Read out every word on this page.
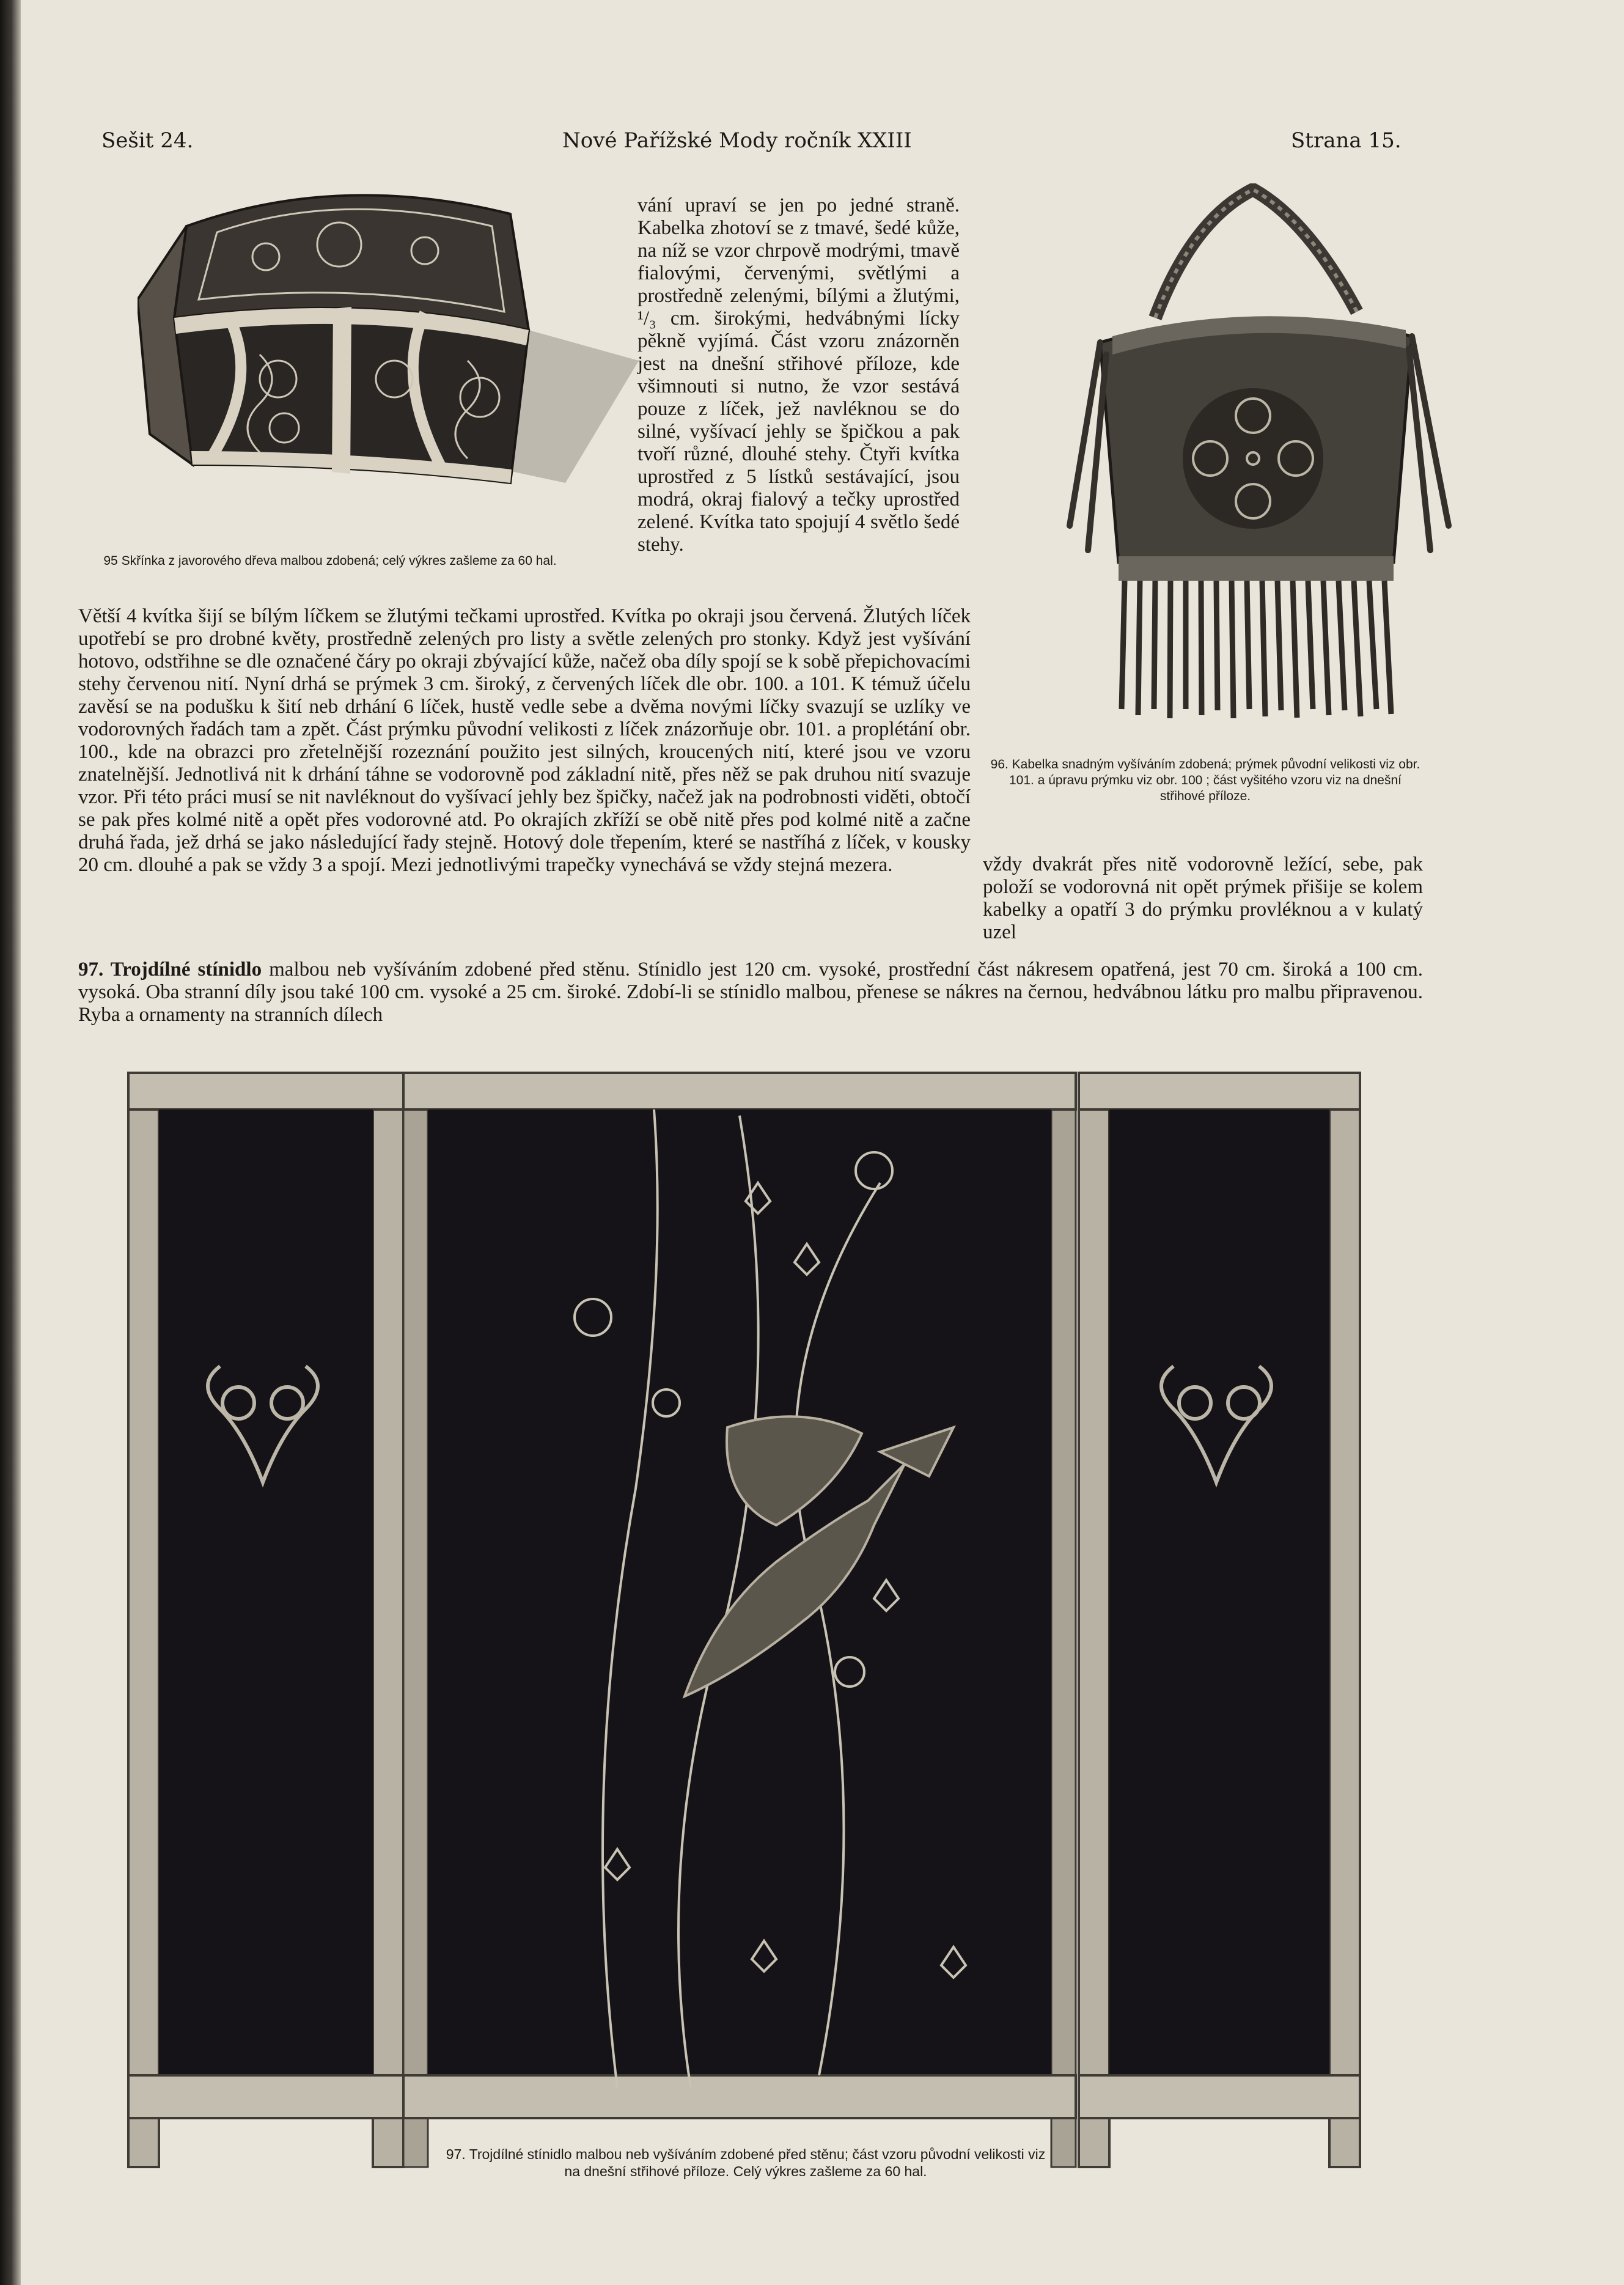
Sešit 24.	Nové Pařížské Mody ročník XXIII	Strana 15.
95 Skřínka z javorového dřeva malbou zdobená; celý výkres zašleme za 60 hal.

vání upraví se jen po jedné straně. Kabelka zhotoví se z tmavé, šedé kůže, na níž se vzor chrpově modrými, tmavě fialovými, červenými, světlými a prostředně zelenými, bílými a žlutými, ¹/₃ cm. širokými, hedvábnými lícky pěkně vyjímá. Část vzoru znázorněn jest na dnešní střihové příloze, kde všimnouti si nutno, že vzor sestává pouze z líček, jež navléknou se do silné, vyšívací jehly se špičkou a pak tvoří různé, dlouhé stehy. Čtyři kvítka uprostřed z 5 lístků sestávající, jsou modrá, okraj fialový a tečky uprostřed zelené. Kvítka tato spojují 4 světlo šedé stehy.

96. Kabelka snadným vyšíváním zdobená; prýmek původní velikosti viz obr. 101. a úpravu prýmku viz obr. 100 ; část vyšitého vzoru viz na dnešní střihové příloze.

Větší 4 kvítka šijí se bílým líčkem se žlutými tečkami uprostřed. Kvítka po okraji jsou červená. Žlutých líček upotřebí se pro drobné květy, prostředně zelených pro listy a světle zelených pro stonky. Když jest vyšívání hotovo, odstřihne se dle označené čáry po okraji zbývající kůže, načež oba díly spojí se k sobě přepichovacími stehy červenou nití. Nyní drhá se prýmek 3 cm. široký, z červených líček dle obr. 100. a 101. K témuž účelu zavěsí se na podušku k šití neb drhání 6 líček, hustě vedle sebe a dvěma novými líčky svazují se uzlíky ve vodorovných řadách tam a zpět. Část prýmku původní velikosti z líček znázorňuje obr. 101. a proplétání obr. 100., kde na obrazci pro zřetelnější rozeznání použito jest silných, kroucených nití, které jsou ve vzoru znatelnější. Jednotlivá nit k drhání táhne se vodorovně pod základní nitě, přes něž se pak druhou nití svazuje vzor. Při této práci musí se nit navléknout do vyšívací jehly bez špičky, načež jak na podrobnosti viděti, obtočí se pak přes kolmé nitě a opět přes vodorovné atd. Po okrajích zkříží se obě nitě přes pod kolmé nitě a začne druhá řada, jež drhá se jako následující řady stejně. Hotový dole třepením, které se nastříhá z líček, v kousky 20 cm. dlouhé a pak se vždy 3 a spojí. Mezi jednotlivými trapečky vynechává se vždy stejná mezera.	vždy dvakrát přes nitě vodorovně ležící, sebe, pak položí se vodorovná nit opět prýmek přišije se kolem kabelky a opatří 3 do prýmku provléknou a v kulatý uzel

97. Trojdílné stínidlo malbou neb vyšíváním zdobené před stěnu. Stínidlo jest 120 cm. vysoké, prostřední část nákresem opatřená, jest 70 cm. široká a 100 cm. vysoká. Oba stranní díly jsou také 100 cm. vysoké a 25 cm. široké. Zdobí-li se stínidlo malbou, přenese se nákres na černou, hedvábnou látku pro malbu připravenou. Ryba a ornamenty na stranních dílech

97. Trojdílné stínidlo malbou neb vyšíváním zdobené před stěnu; část vzoru původní velikosti viz na dnešní střihové příloze. Celý výkres zašleme za 60 hal.
